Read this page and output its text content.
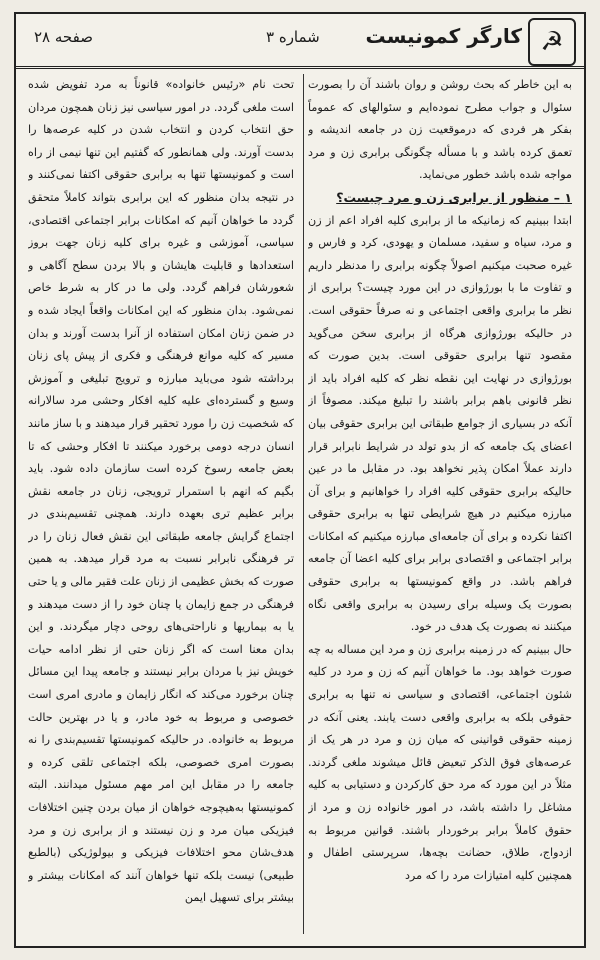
☭
کارگر کمونیست
شماره ۳
صفحه ۲۸

به این خاطر که بحث روشن و روان باشند آن را بصورت سئوال و جواب مطرح نموده‌ایم و سئوالهای که عموماً بفکر هر فردی که درموقعیت زن در جامعه اندیشه و تعمق کرده باشد و با مسأله چگونگی برابری زن و مرد مواجه شده باشد خطور می‌نماید.

۱ – منظور از برابری زن و مرد چیست؟

ابتدا ببینیم که زمانیکه ما از برابری کلیه افراد اعم از زن و مرد، سیاه و سفید، مسلمان و یهودی، کرد و فارس و غیره صحبت میکنیم اصولاً چگونه برابری را مدنظر داریم و تفاوت ما با بورژوازی در این مورد چیست؟ برابری از نظر ما برابری واقعی اجتماعی و نه صرفاً حقوقی است. در حالیکه بورژوازی هرگاه از برابری سخن می‌گوید مقصود تنها برابری حقوقی است. بدین صورت که بورژوازی در نهایت این نقطه نظر که کلیه افراد باید از نظر قانونی باهم برابر باشند را تبلیغ میکند. مصوفاً از آنکه در بسیاری از جوامع طبقاتی این برابری حقوقی بیان اعضای یک جامعه که از بدو تولد در شرایط نابرابر قرار دارند عملاً امکان پذیر نخواهد بود. در مقابل ما در عین حالیکه برابری حقوقی کلیه افراد را خواهانیم و برای آن مبارزه میکنیم در هیچ شرایطی تنها به برابری حقوقی اکتفا نکرده و برای آن جامعه‌ای مبارزه میکنیم که امکانات برابر اجتماعی و اقتصادی برابر برای کلیه اعضا آن جامعه فراهم باشد. در واقع کمونیستها به برابری حقوقی بصورت یک وسیله برای رسیدن به برابری واقعی نگاه میکنند نه بصورت یک هدف در خود.

حال ببینیم که در زمینه برابری زن و مرد این مساله به چه صورت خواهد بود. ما خواهان آنیم که زن و مرد در کلیه شئون اجتماعی، اقتصادی و سیاسی نه تنها به برابری حقوقی بلکه به برابری واقعی دست یابند. یعنی آنکه در زمینه حقوقی قوانینی که میان زن و مرد در هر یک از عرصه‌های فوق الذکر تبعیض قائل میشوند ملغی گردند. مثلاً در این مورد که مرد حق کارکردن و دستیابی به کلیه مشاغل را داشته باشد، در امور خانواده زن و مرد از حقوق کاملاً برابر برخوردار باشند. قوانین مربوط به ازدواج، طلاق، حضانت بچه‌ها، سرپرستی اطفال و همچنین کلیه امتیازات مرد را که مرد

تحت نام «رئیس خانواده» قانوناً به مرد تفویض شده است ملغی گردد. در امور سیاسی نیز زنان همچون مردان حق انتخاب کردن و انتخاب شدن در کلیه عرصه‌ها را بدست آورند. ولی همانطور که گفتیم این تنها نیمی از راه است و کمونیستها تنها به برابری حقوقی اکتفا نمی‌کنند و در نتیجه بدان منظور که این برابری بتواند کاملاً متحقق گردد ما خواهان آنیم که امکانات برابر اجتماعی اقتصادی، سیاسی، آموزشی و غیره برای کلیه زنان جهت بروز استعدادها و قابلیت هایشان و بالا بردن سطح آگاهی و شعورشان فراهم گردد. ولی ما در کار به شرط خاص نمی‌شود. بدان منظور که این امکانات واقعاً ایجاد شده و در ضمن زنان امکان استفاده از آنرا بدست آورند و بدان مسیر که کلیه موانع فرهنگی و فکری از پیش پای زنان برداشته شود می‌باید مبارزه و ترویج تبلیغی و آموزش وسیع و گسترده‌ای علیه کلیه افکار وحشی مرد سالارانه که شخصیت زن را مورد تحقیر قرار میدهند و با ساز مانند انسان درجه دومی برخورد میکنند تا افکار وحشی که تا بعض جامعه رسوخ کرده است سازمان داده شود. باید بگیم که انهم با استمرار ترویجی، زنان در جامعه نقش برابر عظیم‌ تری بعهده دارند. همچنی تقسیم‌بندی در اجتماع گرایش جامعه طبقاتی این نقش فعال زنان را در تر فرهنگی نابرابر نسبت به مرد قرار میدهد. به همین صورت که بخش عظیمی از زنان علت فقیر مالی و یا حتی فرهنگی در جمع زایمان یا چنان خود را از دست میدهند و یا به بیماریها و ناراحتی‌های روحی دچار میگردند. و این بدان معنا است که اگر زنان حتی از نظر ادامه حیات خویش نیز با مردان برابر نیستند و جامعه پیدا این مسائل چنان برخورد می‌کند که انگار زایمان و مادری امری است خصوصی و مربوط به خود مادر، و یا در بهترین حالت مربوط به خانواده. در حالیکه کمونیستها تقسیم‌بندی را نه بصورت امری خصوصی، بلکه اجتماعی تلقی کرده و جامعه را در مقابل این امر مهم مسئول میدانند. البته کمونیستها به‌هیچوجه خواهان از میان بردن چنین اختلافات فیزیکی میان مرد و زن نیستند و از برابری زن و مرد هدف‌شان محو اختلافات فیزیکی و بیولوژیکی (بالطبع طبیعی) نیست بلکه تنها خواهان آنند که امکانات بیشتر و بیشتر برای تسهیل ایمن
